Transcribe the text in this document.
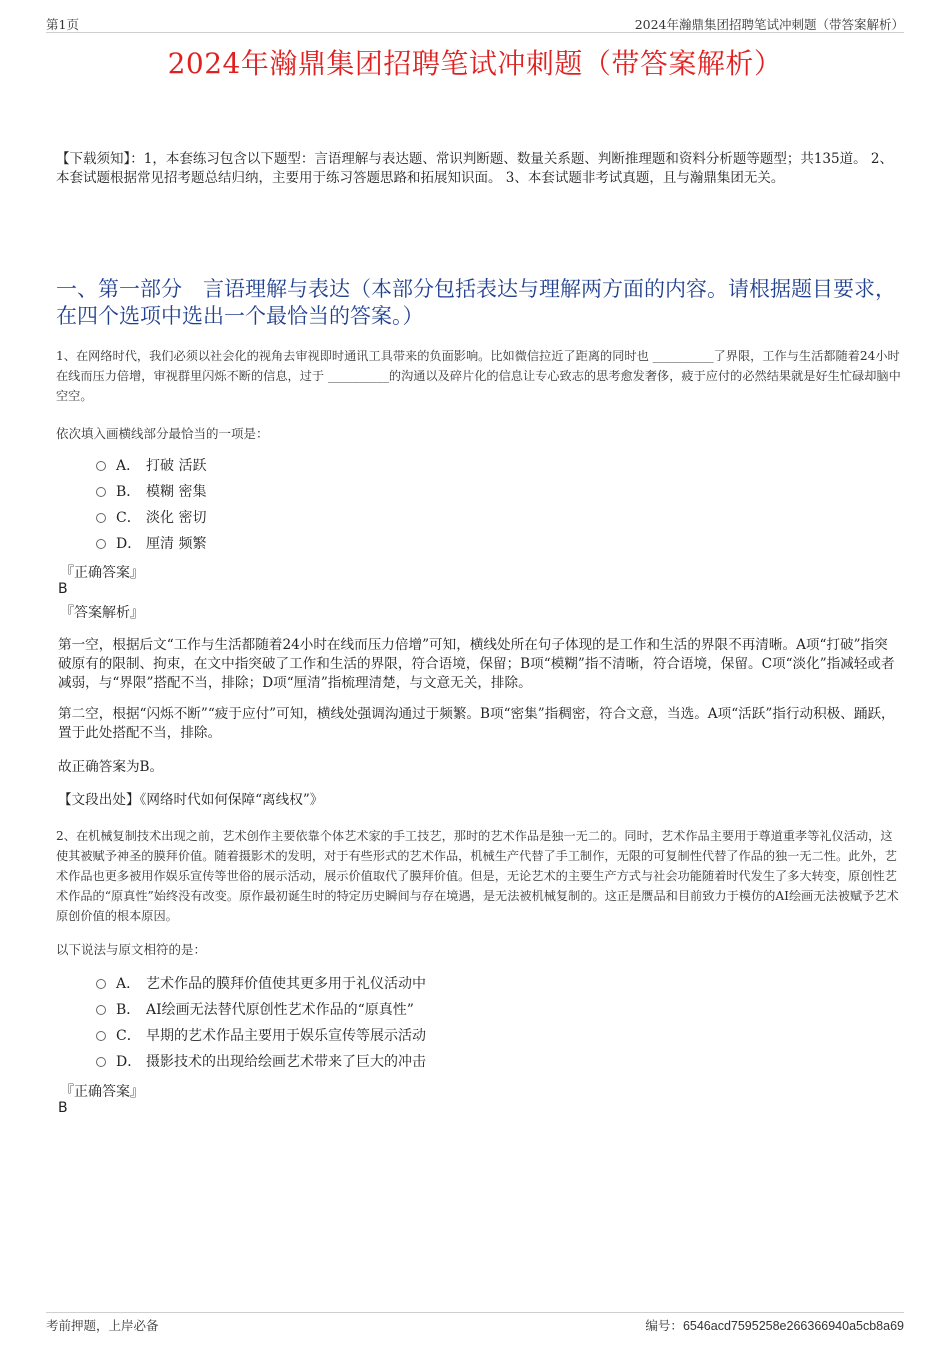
第1页	2024年瀚鼎集团招聘笔试冲刺题（带答案解析）
2024年瀚鼎集团招聘笔试冲刺题（带答案解析）
【下载须知】：1，本套练习包含以下题型：言语理解与表达题、常识判断题、数量关系题、判断推理题和资料分析题等题型；共135道。 2、本套试题根据常见招考题总结归纳，主要用于练习答题思路和拓展知识面。 3、本套试题非考试真题，且与瀚鼎集团无关。
一、第一部分　言语理解与表达（本部分包括表达与理解两方面的内容。请根据题目要求，在四个选项中选出一个最恰当的答案。）
1、在网络时代，我们必须以社会化的视角去审视即时通讯工具带来的负面影响。比如微信拉近了距离的同时也 __________了界限，工作与生活都随着24小时在线而压力倍增，审视群里闪烁不断的信息，过于 __________的沟通以及碎片化的信息让专心致志的思考愈发奢侈，疲于应付的必然结果就是好生忙碌却脑中空空。
依次填入画横线部分最恰当的一项是：
A． 打破 活跃
B． 模糊 密集
C． 淡化 密切
D． 厘清 频繁
『正确答案』
B
『答案解析』
第一空，根据后文“工作与生活都随着24小时在线而压力倍增”可知，横线处所在句子体现的是工作和生活的界限不再清晰。A项“打破”指突破原有的限制、拘束，在文中指突破了工作和生活的界限，符合语境，保留；B项“模糊”指不清晰，符合语境，保留。C项“淡化”指减轻或者减弱，与“界限”搭配不当，排除；D项“厘清”指梳理清楚，与文意无关，排除。
第二空，根据“闪烁不断”“疲于应付”可知，横线处强调沟通过于频繁。B项“密集”指稠密，符合文意，当选。A项“活跃”指行动积极、踊跃，置于此处搭配不当，排除。
故正确答案为B。
【文段出处】《网络时代如何保障“离线权”》
2、在机械复制技术出现之前，艺术创作主要依靠个体艺术家的手工技艺，那时的艺术作品是独一无二的。同时，艺术作品主要用于尊道重孝等礼仪活动，这使其被赋予神圣的膜拜价值。随着摄影术的发明，对于有些形式的艺术作品，机械生产代替了手工制作，无限的可复制性代替了作品的独一无二性。此外，艺术作品也更多被用作娱乐宣传等世俗的展示活动，展示价值取代了膜拜价值。但是，无论艺术的主要生产方式与社会功能随着时代发生了多大转变，原创性艺术作品的“原真性”始终没有改变。原作最初诞生时的特定历史瞬间与存在境遇，是无法被机械复制的。这正是赝品和目前致力于模仿的AI绘画无法被赋予艺术原创价值的根本原因。
以下说法与原文相符的是：
A． 艺术作品的膜拜价值使其更多用于礼仪活动中
B． AI绘画无法替代原创性艺术作品的“原真性”
C． 早期的艺术作品主要用于娱乐宣传等展示活动
D． 摄影技术的出现给绘画艺术带来了巨大的冲击
『正确答案』
B
考前押题，上岸必备	编号：6546acd7595258e266366940a5cb8a69
